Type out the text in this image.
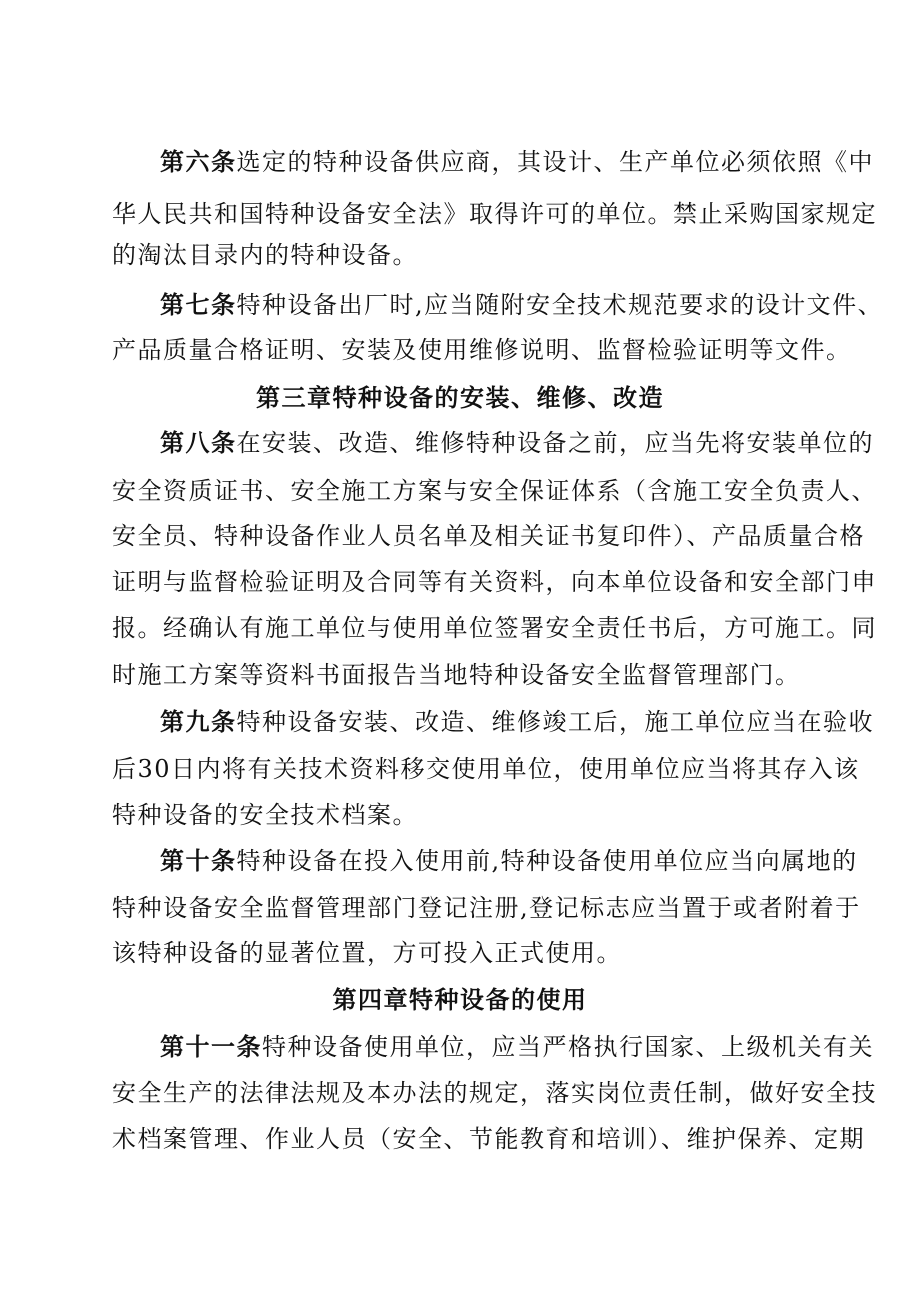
第六条选定的特种设备供应商，其设计、生产单位必须依照《中
华人民共和国特种设备安全法》取得许可的单位。禁止采购国家规定
的淘汰目录内的特种设备。
第七条特种设备出厂时,应当随附安全技术规范要求的设计文件、
产品质量合格证明、安装及使用维修说明、监督检验证明等文件。
第三章特种设备的安装、维修、改造
第八条在安装、改造、维修特种设备之前，应当先将安装单位的
安全资质证书、安全施工方案与安全保证体系（含施工安全负责人、
安全员、特种设备作业人员名单及相关证书复印件）、产品质量合格
证明与监督检验证明及合同等有关资料，向本单位设备和安全部门申
报。经确认有施工单位与使用单位签署安全责任书后，方可施工。同
时施工方案等资料书面报告当地特种设备安全监督管理部门。
第九条特种设备安装、改造、维修竣工后，施工单位应当在验收
后30日内将有关技术资料移交使用单位，使用单位应当将其存入该
特种设备的安全技术档案。
第十条特种设备在投入使用前,特种设备使用单位应当向属地的
特种设备安全监督管理部门登记注册,登记标志应当置于或者附着于
该特种设备的显著位置，方可投入正式使用。
第四章特种设备的使用
第十一条特种设备使用单位，应当严格执行国家、上级机关有关
安全生产的法律法规及本办法的规定，落实岗位责任制，做好安全技
术档案管理、作业人员（安全、节能教育和培训）、维护保养、定期
